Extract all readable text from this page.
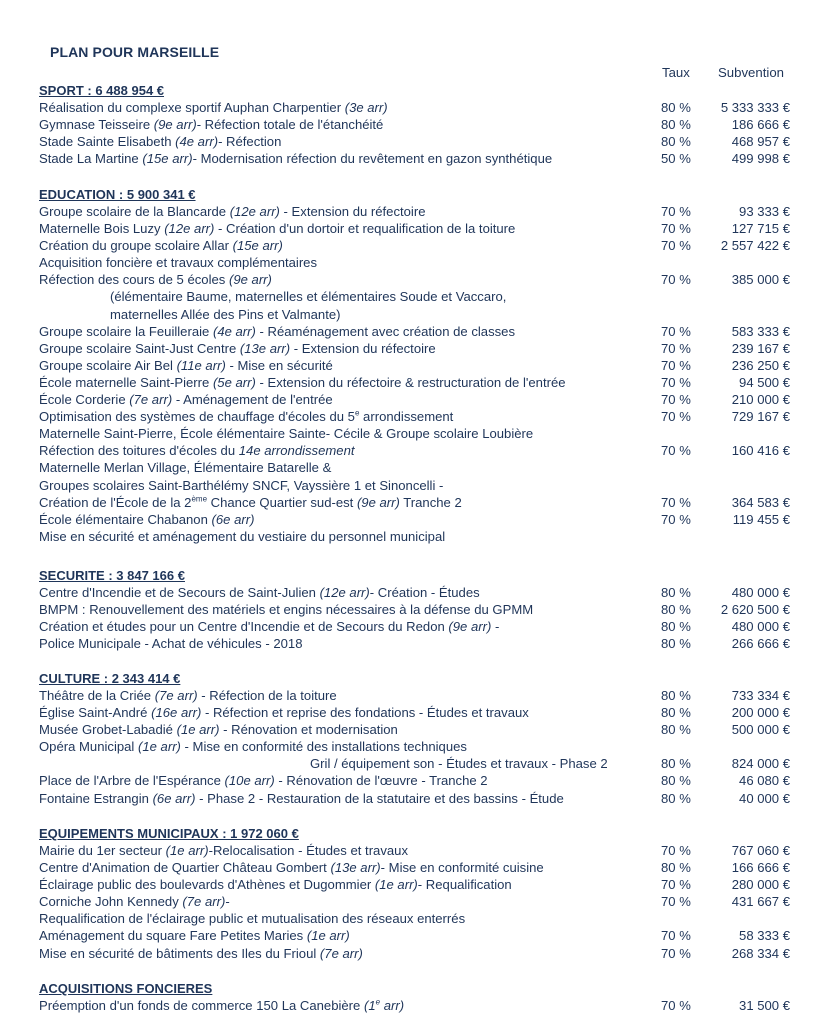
PLAN POUR MARSEILLE
Taux Subvention
SPORT : 6 488 954 €
Réalisation du complexe sportif Auphan Charpentier (3e arr)	80 % 5 333 333 €
Gymnase Teisseire (9e arr)- Réfection totale de l'étanchéité	80 %	186 666 €
Stade Sainte Elisabeth (4e arr)- Réfection	80 %	468 957 €
Stade La Martine (15e arr)- Modernisation réfection du revêtement en gazon synthétique	50 %	499 998 €
EDUCATION : 5 900 341 €
Groupe scolaire de la Blancarde (12e arr) - Extension du réfectoire	70 %	93 333 €
Maternelle Bois Luzy (12e arr) - Création d'un dortoir et requalification de la toiture	70 %	127 715 €
Création du groupe scolaire Allar (15e arr)	70 % 2 557 422 €
Acquisition foncière et travaux complémentaires
Réfection des cours de 5 écoles (9e arr)	70 %	385 000 €
(élémentaire Baume, maternelles et élémentaires Soude et Vaccaro,
maternelles Allée des Pins et Valmante)
Groupe scolaire la Feuilleraie (4e arr) - Réaménagement avec création de classes	70 %	583 333 €
Groupe scolaire Saint-Just Centre (13e arr) - Extension du réfectoire	70 %	239 167 €
Groupe scolaire Air Bel (11e arr) - Mise en sécurité	70 %	236 250 €
École maternelle Saint-Pierre (5e arr) - Extension du réfectoire & restructuration de l'entrée	70 %	94 500 €
École Corderie (7e arr) - Aménagement de l'entrée	70 %	210 000 €
Optimisation des systèmes de chauffage d'écoles du 5e arrondissement	70 %	729 167 €
Maternelle Saint-Pierre, École élémentaire Sainte- Cécile & Groupe scolaire Loubière
Réfection des toitures d'écoles du 14e arrondissement	70 %	160 416 €
Maternelle Merlan Village, Élémentaire Batarelle &
Groupes scolaires Saint-Barthélémy SNCF, Vayssière 1 et Sinoncelli -
Création de l'École de la 2ème Chance Quartier sud-est (9e arr) Tranche 2	70 %	364 583 €
École élémentaire Chabanon (6e arr)	70 %	119 455 €
Mise en sécurité et aménagement du vestiaire du personnel municipal
SECURITE : 3 847 166 €
Centre d'Incendie et de Secours de Saint-Julien (12e arr)- Création - Études	80 %	480 000 €
BMPM : Renouvellement des matériels et engins nécessaires à la défense du GPMM	80 % 2 620 500 €
Création et études pour un Centre d'Incendie et de Secours du Redon (9e arr) -	80 %	480 000 €
Police Municipale - Achat de véhicules - 2018	80 %	266 666 €
CULTURE : 2 343 414 €
Théâtre de la Criée (7e arr) - Réfection de la toiture	80 %	733 334 €
Église Saint-André (16e arr) - Réfection et reprise des fondations - Études et travaux	80 %	200 000 €
Musée Grobet-Labadié (1e arr) - Rénovation et modernisation	80 %	500 000 €
Opéra Municipal (1e arr) - Mise en conformité des installations techniques
Gril / équipement son - Études et travaux - Phase 2	80 %	824 000 €
Place de l'Arbre de l'Espérance (10e arr) - Rénovation de l'œuvre - Tranche 2	80 %	46 080 €
Fontaine Estrangin (6e arr) - Phase 2 - Restauration de la statutaire et des bassins - Étude	80 %	40 000 €
EQUIPEMENTS MUNICIPAUX : 1 972 060 €
Mairie du 1er secteur (1e arr)-Relocalisation - Études et travaux	70 %	767 060 €
Centre d'Animation de Quartier Château Gombert (13e arr)- Mise en conformité cuisine	80 %	166 666 €
Éclairage public des boulevards d'Athènes et Dugommier (1e arr)- Requalification	70 %	280 000 €
Corniche John Kennedy (7e arr)-	70 %	431 667 €
Requalification de l'éclairage public et mutualisation des réseaux enterrés
Aménagement du square Fare Petites Maries (1e arr)	70 %	58 333 €
Mise en sécurité de bâtiments des Iles du Frioul (7e arr)	70 %	268 334 €
ACQUISITIONS FONCIERES
Préemption d'un fonds de commerce 150 La Canebière (1e arr)	70 %	31 500 €
